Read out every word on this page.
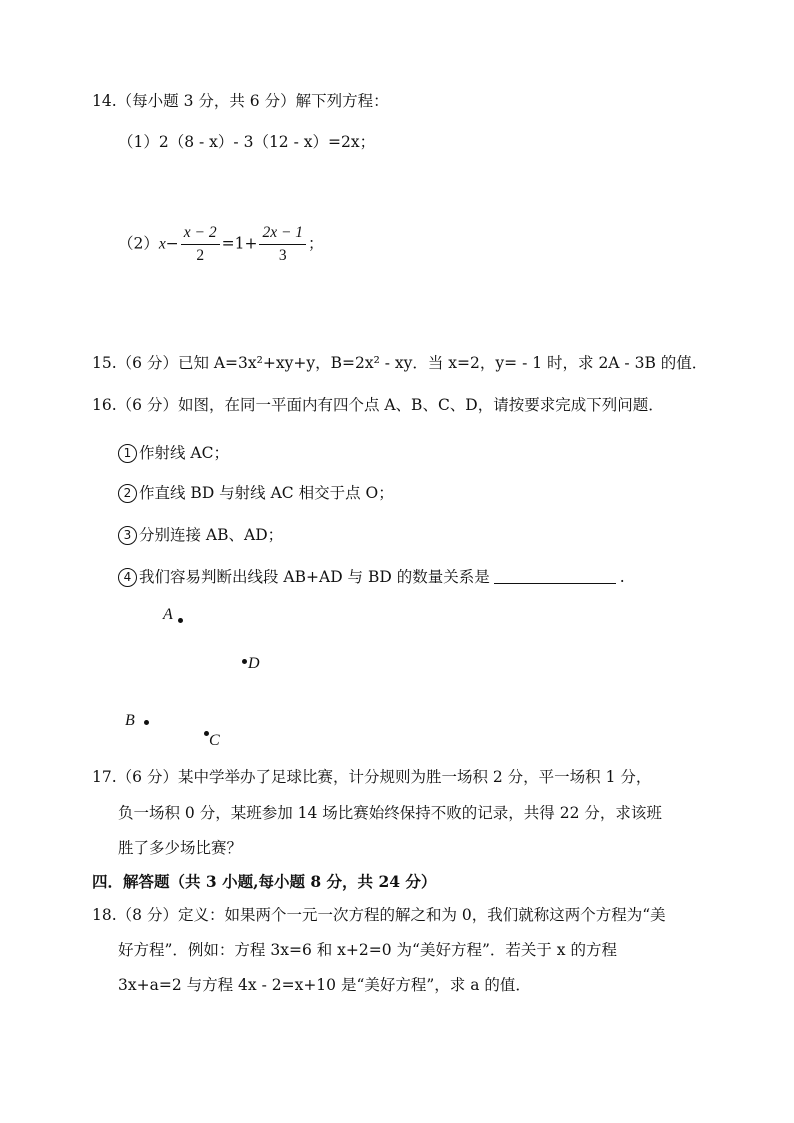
14.（每小题 3 分，共 6 分）解下列方程：
（1）2（8 - x）- 3（12 - x）=2x；
$(2)x- \frac{x - 2}{2} =1+ \frac{2x - 1}{3}$ ；
15.（6 分）已知 A=3x²+xy+y，B=2x² - xy．当 x=2，y= - 1 时，求 2A - 3B 的值．
16.（6 分）如图，在同一平面内有四个点 A、B、C、D，请按要求完成下列问题．
1 作射线 AC；
2 作直线 BD 与射线 AC 相交于点 O；
3 分别连接 AB、AD；
4 我们容易判断出线段 AB+AD 与 BD 的数量关系是	.
A
D
B
C
17.（6 分）某中学举办了足球比赛，计分规则为胜一场积 2 分，平一场积 1 分，
负一场积 0 分，某班参加 14 场比赛始终保持不败的记录，共得 22 分，求该班
胜了多少场比赛？
四．解答题（共 3 小题,每小题 8 分，共 24 分）
18.（8 分）定义：如果两个一元一次方程的解之和为 0，我们就称这两个方程为“美
好方程”．例如：方程 3x=6 和 x+2=0 为“美好方程”．若关于 x 的方程
3x+a=2 与方程 4x - 2=x+10 是“美好方程”，求 a 的值．
